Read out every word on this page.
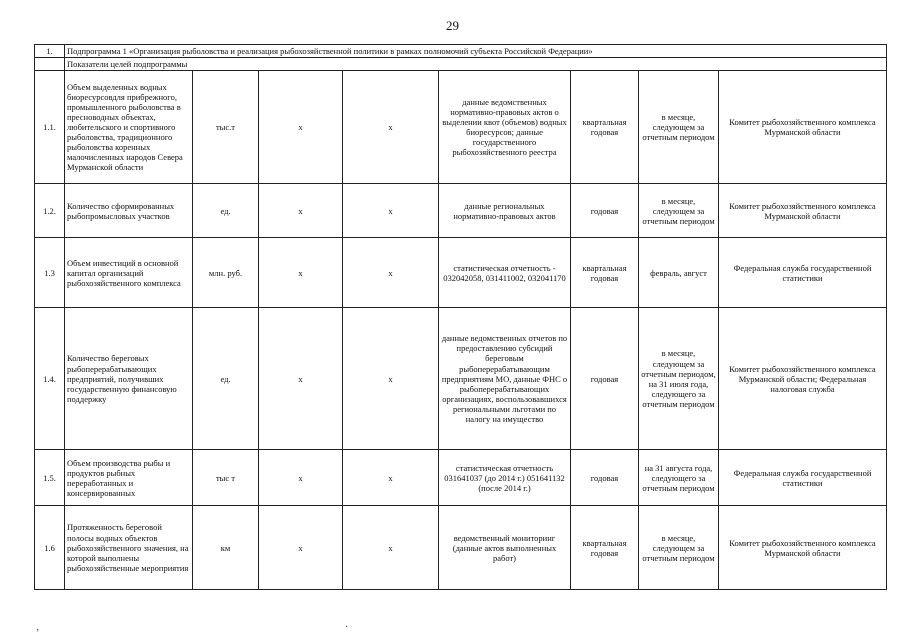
29
1.	Подпрограмма 1 «Организация рыболовства и реализация рыбохозяйственной политики в рамках полномочий субъекта Российской Федерации»							
	Показатели целей подпрограммы							
1.1.	Объем выделенных водных биоресурсовдля прибрежного, промышленного рыболовства в пресноводных объектах, любительского и спортивного рыболовства, традиционного рыболовства коренных малочисленных народов Севера Мурманской области	тыс.т	х	х	данные ведомственных нормативно-правовых актов о выделении квот (объемов) водных биоресурсов; данные государственного рыбохозяйственного реестра	квартальная годовая	в месяце, следующем за отчетным периодом	Комитет рыбохозяйственного комплекса Мурманской области
1.2.	Количество сформированных рыбопромысловых участков	ед.	х	х	данные региональных нормативно-правовых актов	годовая	в месяце, следующем за отчетным периодом	Комитет рыбохозяйственного комплекса Мурманской области
1.3	Объем инвестиций в основной капитал организаций рыбохозяйственного комплекса	млн. руб.	х	х	статистическая отчетность - 032042058, 031411002, 032041170	квартальная годовая	февраль, август	Федеральная служба государственной статистики
1.4.	Количество береговых рыбоперерабатывающих предприятий, получивших государственную финансовую поддержку	ед.	х	х	данные ведомственных отчетов по предоставлению субсидий береговым рыбоперерабатывающим предприятиям МО, данные ФНС о рыбоперерабатывающих организациях, воспользовавшихся региональными льготами по налогу на имущество	годовая	в месяце, следующем за отчетным периодом, на 31 июля года, следующего за отчетным периодом	Комитет рыбохозяйственного комплекса Мурманской области; Федеральная налоговая служба
1.5.	Объем производства рыбы и продуктов рыбных переработанных и консервированных	тыс т	х	х	статистическая отчетность 031641037 (до 2014 г.) 051641132 (после 2014 г.)	годовая	на 31 августа года, следующего за отчетным периодом	Федеральная служба государственной статистики
1.6	Протяженность береговой полосы водных объектов рыбохозяйственного значения, на которой выполнены рыбохозяйственные мероприятия	км	х	х	ведомственный мониторинг (данные актов выполненных работ)	квартальная годовая	в месяце, следующем за отчетным периодом	Комитет рыбохозяйственного комплекса Мурманской области
‚	·
